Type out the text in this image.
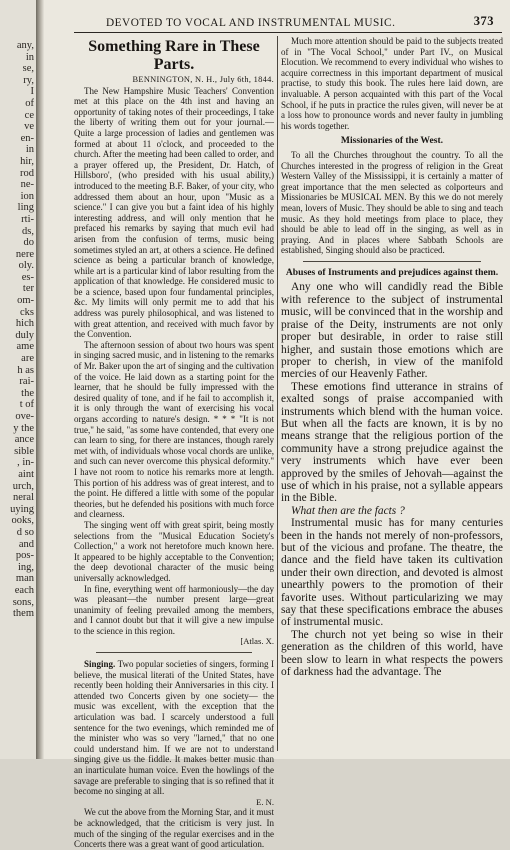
any,
in
se,
ry,
I
of
ce
ve
en-
in
hir,
rod
ne-
ion
ling
rti-
ds,
do
nere
oly.
es-
ter
om-
cks
hich
duly
ame
are
h as
rai-
the
t of
ove-
y the
ance
sible
, in-
aint
urch,
neral
uying
ooks,
d so
and
pos-
ing,
man
each
sons,
them
DEVOTED TO VOCAL AND INSTRUMENTAL MUSIC.	373
Something Rare in These Parts.

BENNINGTON, N. H., July 6th, 1844.

The New Hampshire Music Teachers' Convention met at this place on the 4th inst and having an opportunity of taking notes of their proceedings, I take the liberty of writing them out for your journal.— Quite a large procession of ladies and gentlemen was formed at about 11 o'clock, and proceeded to the church. After the meeting had been called to order, and a prayer offered up, the President, Dr. Hatch, of Hillsboro', (who presided with his usual ability,) introduced to the meeting B.F. Baker, of your city, who addressed them about an hour, upon "Music as a science." I can give you but a faint idea of his highly interesting address, and will only mention that he prefaced his remarks by saying that much evil had arisen from the confusion of terms, music being sometimes styled an art, at others a science. He defined science as being a particular branch of knowledge, while art is a particular kind of labor resulting from the application of that knowledge. He considered music to be a science, based upon four fundamental principles, &c. My limits will only permit me to add that his address was purely philosophical, and was listened to with great attention, and received with much favor by the Convention.

The afternoon session of about two hours was spent in singing sacred music, and in listening to the remarks of Mr. Baker upon the art of singing and the cultivation of the voice. He laid down as a starting point for the learner, that he should be fully impressed with the desired quality of tone, and if he fail to accomplish it, it is only through the want of exercising his vocal organs according to nature's design. * * * "It is not true," he said, "as some have contended, that every one can learn to sing, for there are instances, though rarely met with, of individuals whose vocal chords are unlike, and such can never overcome this physical deformity." I have not room to notice his remarks more at length. This portion of his address was of great interest, and to the point. He differed a little with some of the popular theories, but he defended his positions with much force and clearness.

The singing went off with great spirit, being mostly selections from the "Musical Education Society's Collection," a work not heretofore much known here. It appeared to be highly acceptable to the Convention; the deep devotional character of the music being universally acknowledged.

In fine, everything went off harmoniously—the day was pleasant—the number present large—great unanimity of feeling prevailed among the members, and I cannot doubt but that it will give a new impulse to the science in this region.

[Atlas. X.

Singing. Two popular societies of singers, forming I believe, the musical literati of the United States, have recently been holding their Anniversaries in this city. I attended two Concerts given by one society— the music was excellent, with the exception that the articulation was bad. I scarcely understood a full sentence for the two evenings, which reminded me of the minister who was so very "larned," that no one could understand him. If we are not to understand singing give us the fiddle. It makes better music than an inarticulate human voice. Even the howlings of the savage are preferable to singing that is so refined that it become no singing at all.

E. N.

We cut the above from the Morning Star, and it must be acknowledged, that the criticism is very just. In much of the singing of the regular exercises and in the Concerts there was a great want of good articulation.

Much more attention should be paid to the subjects treated of in "The Vocal School," under Part IV., on Musical Elocution. We recommend to every individual who wishes to acquire correctness in this important department of musical practise, to study this book. The rules here laid down, are invaluable. A person acquainted with this part of the Vocal School, if he puts in practice the rules given, will never be at a loss how to pronounce words and never faulty in jumbling his words together.

Missionaries of the West.

To all the Churches throughout the country. To all the Churches interested in the progress of religion in the Great Western Valley of the Mississippi, it is certainly a matter of great importance that the men selected as colporteurs and Missionaries be MUSICAL MEN. By this we do not merely mean, lovers of Music. They should be able to sing and teach music. As they hold meetings from place to place, they should be able to lead off in the singing, as well as in praying. And in places where Sabbath Schools are established, Singing should also be practiced.

Abuses of Instruments and prejudices against them.

Any one who will candidly read the Bible with reference to the subject of instrumental music, will be convinced that in the worship and praise of the Deity, instruments are not only proper but desirable, in order to raise still higher, and sustain those emotions which are proper to cherish, in view of the manifold mercies of our Heavenly Father.

These emotions find utterance in strains of exalted songs of praise accompanied with instruments which blend with the human voice. But when all the facts are known, it is by no means strange that the religious portion of the community have a strong prejudice against the very instruments which have ever been approved by the smiles of Jehovah—against the use of which in his praise, not a syllable appears in the Bible.

What then are the facts ?

Instrumental music has for many centuries been in the hands not merely of non-professors, but of the vicious and profane. The theatre, the dance and the field have taken its cultivation under their own direction, and devoted is almost unearthly powers to the promotion of their favorite uses. Without particularizing we may say that these specifications embrace the abuses of instrumental music.

The church not yet being so wise in their generation as the children of this world, have been slow to learn in what respects the powers of darkness had the advantage. The
